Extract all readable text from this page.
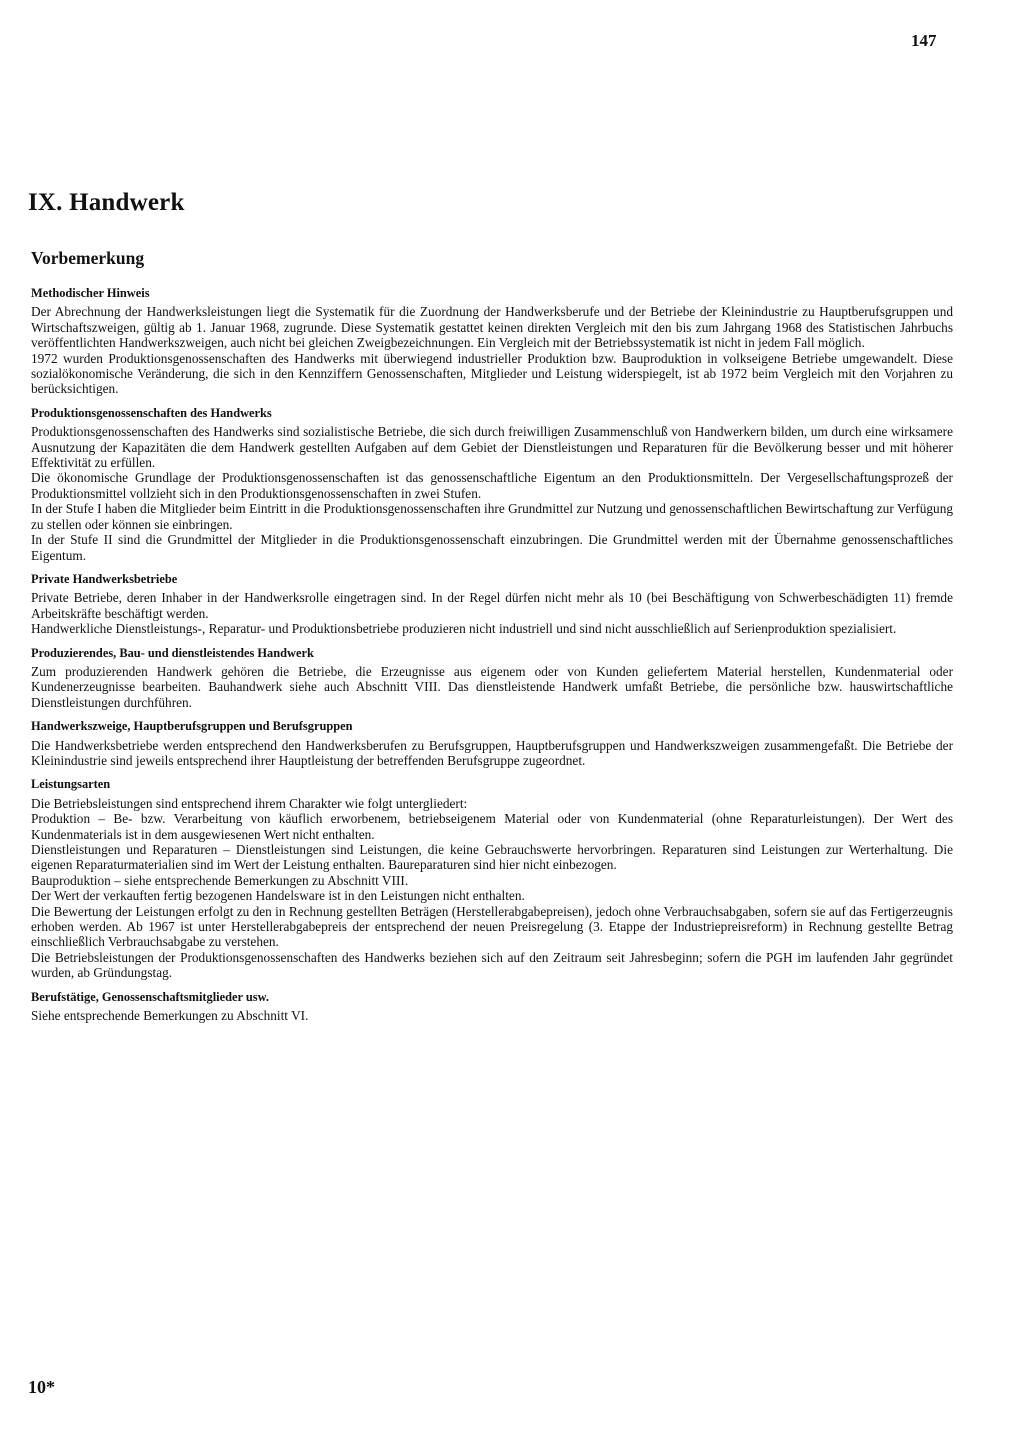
147
IX. Handwerk
Vorbemerkung
Methodischer Hinweis

Der Abrechnung der Handwerksleistungen liegt die Systematik für die Zuordnung der Handwerksberufe und der Betriebe der Kleinindustrie zu Hauptberufsgruppen und Wirtschaftszweigen, gültig ab 1. Januar 1968, zugrunde. Diese Systematik gestattet keinen direkten Vergleich mit den bis zum Jahrgang 1968 des Statistischen Jahrbuchs veröffentlichten Handwerkszweigen, auch nicht bei gleichen Zweigbezeichnungen. Ein Vergleich mit der Betriebssystematik ist nicht in jedem Fall möglich.

1972 wurden Produktionsgenossenschaften des Handwerks mit überwiegend industrieller Produktion bzw. Bauproduktion in volkseigene Betriebe umgewandelt. Diese sozialökonomische Veränderung, die sich in den Kennziffern Genossenschaften, Mitglieder und Leistung widerspiegelt, ist ab 1972 beim Vergleich mit den Vorjahren zu berücksichtigen.

Produktionsgenossenschaften des Handwerks

Produktionsgenossenschaften des Handwerks sind sozialistische Betriebe, die sich durch freiwilligen Zusammenschluß von Handwerkern bilden, um durch eine wirksamere Ausnutzung der Kapazitäten die dem Handwerk gestellten Aufgaben auf dem Gebiet der Dienstleistungen und Reparaturen für die Bevölkerung besser und mit höherer Effektivität zu erfüllen.

Die ökonomische Grundlage der Produktionsgenossenschaften ist das genossenschaftliche Eigentum an den Produktionsmitteln. Der Vergesellschaftungsprozeß der Produktionsmittel vollzieht sich in den Produktionsgenossenschaften in zwei Stufen.

In der Stufe I haben die Mitglieder beim Eintritt in die Produktionsgenossenschaften ihre Grundmittel zur Nutzung und genossenschaftlichen Bewirtschaftung zur Verfügung zu stellen oder können sie einbringen.

In der Stufe II sind die Grundmittel der Mitglieder in die Produktionsgenossenschaft einzubringen. Die Grundmittel werden mit der Übernahme genossenschaftliches Eigentum.

Private Handwerksbetriebe

Private Betriebe, deren Inhaber in der Handwerksrolle eingetragen sind. In der Regel dürfen nicht mehr als 10 (bei Beschäftigung von Schwerbeschädigten 11) fremde Arbeitskräfte beschäftigt werden.

Handwerkliche Dienstleistungs-, Reparatur- und Produktionsbetriebe produzieren nicht industriell und sind nicht ausschließlich auf Serienproduktion spezialisiert.

Produzierendes, Bau- und dienstleistendes Handwerk

Zum produzierenden Handwerk gehören die Betriebe, die Erzeugnisse aus eigenem oder von Kunden geliefertem Material herstellen, Kundenmaterial oder Kundenerzeugnisse bearbeiten. Bauhandwerk siehe auch Abschnitt VIII. Das dienstleistende Handwerk umfaßt Betriebe, die persönliche bzw. hauswirtschaftliche Dienstleistungen durchführen.

Handwerkszweige, Hauptberufsgruppen und Berufsgruppen

Die Handwerksbetriebe werden entsprechend den Handwerksberufen zu Berufsgruppen, Hauptberufsgruppen und Handwerkszweigen zusammengefaßt. Die Betriebe der Kleinindustrie sind jeweils entsprechend ihrer Hauptleistung der betreffenden Berufsgruppe zugeordnet.

Leistungsarten

Die Betriebsleistungen sind entsprechend ihrem Charakter wie folgt untergliedert:

Produktion – Be- bzw. Verarbeitung von käuflich erworbenem, betriebseigenem Material oder von Kundenmaterial (ohne Reparaturleistungen). Der Wert des Kundenmaterials ist in dem ausgewiesenen Wert nicht enthalten.

Dienstleistungen und Reparaturen – Dienstleistungen sind Leistungen, die keine Gebrauchswerte hervorbringen. Reparaturen sind Leistungen zur Werterhaltung. Die eigenen Reparaturmaterialien sind im Wert der Leistung enthalten. Baureparaturen sind hier nicht einbezogen.

Bauproduktion – siehe entsprechende Bemerkungen zu Abschnitt VIII.

Der Wert der verkauften fertig bezogenen Handelsware ist in den Leistungen nicht enthalten.

Die Bewertung der Leistungen erfolgt zu den in Rechnung gestellten Beträgen (Herstellerabgabepreisen), jedoch ohne Verbrauchsabgaben, sofern sie auf das Fertigerzeugnis erhoben werden. Ab 1967 ist unter Herstellerabgabepreis der entsprechend der neuen Preisregelung (3. Etappe der Industriepreisreform) in Rechnung gestellte Betrag einschließlich Verbrauchsabgabe zu verstehen.

Die Betriebsleistungen der Produktionsgenossenschaften des Handwerks beziehen sich auf den Zeitraum seit Jahresbeginn; sofern die PGH im laufenden Jahr gegründet wurden, ab Gründungstag.

Berufstätige, Genossenschaftsmitglieder usw.

Siehe entsprechende Bemerkungen zu Abschnitt VI.

10*
